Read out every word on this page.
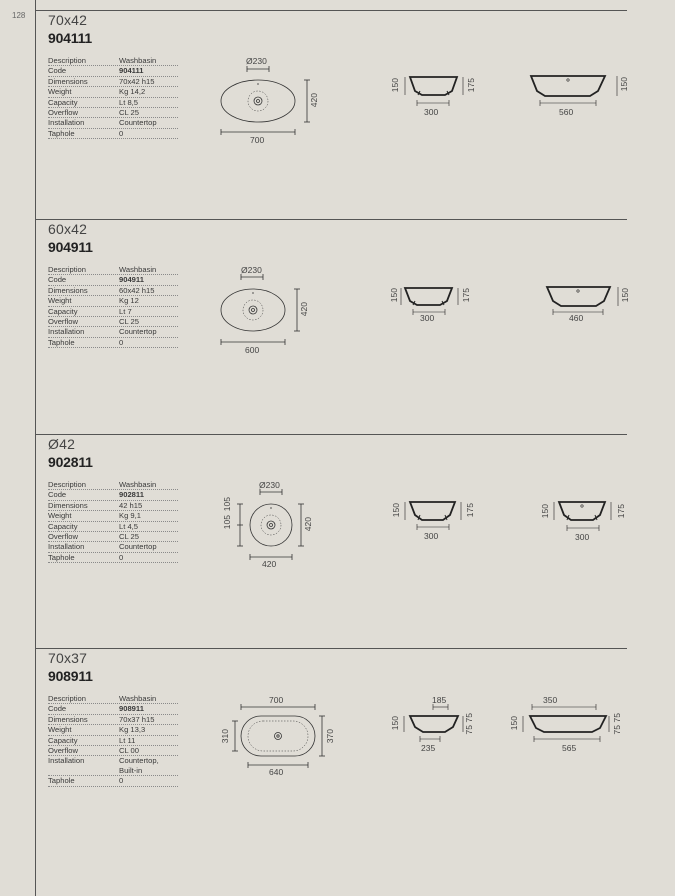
128 70x42
904111
Description	Washbasin
Code	904111
Dimensions	70x42 h15
Weight	Kg 14,2
Capacity	Lt 8,5
Overflow	CL 25
Installation	Countertop
Taphole	0
Ø230
420
700
150	175
300
150
560
60x42
904911
Description	Washbasin
Code	904911
Dimensions	60x42 h15
Weight	Kg 12
Capacity	Lt 7
Overflow	CL 25
Installation	Countertop
Taphole	0
Ø230
420
600
150	175
300
150
460
Ø42
902811
Description	Washbasin
Code	902811
Dimensions	42 h15
Weight	Kg 9,1
Capacity	Lt 4,5
Overflow	CL 25
Installation	Countertop
Taphole	0
Ø230
105
105	420
420
150	175
300
150	175
300
70x37
908911
Description	Washbasin
Code	908911
Dimensions	70x37 h15
Weight	Kg 13,3
Capacity	Lt 11
Overflow	CL 00
Installation	Countertop,
Built-in
Taphole	0
700
310	370
640
185
150	75
75
235
350
150	75
75
565
